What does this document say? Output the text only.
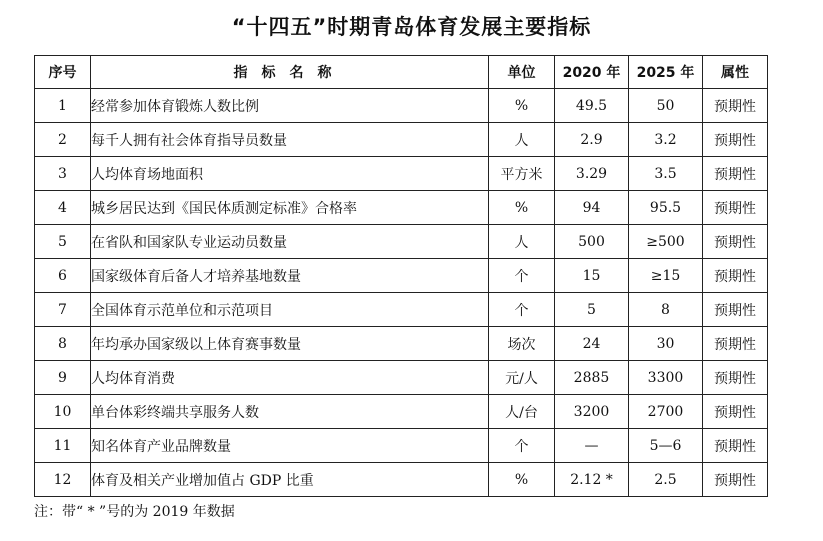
“十四五”时期青岛体育发展主要指标
序号	指标名称	单位	2020 年	2025 年	属性
1	经常参加体育锻炼人数比例	%	49.5	50	预期性
2	每千人拥有社会体育指导员数量	人	2.9	3.2	预期性
3	人均体育场地面积	平方米	3.29	3.5	预期性
4	城乡居民达到《国民体质测定标准》合格率	%	94	95.5	预期性
5	在省队和国家队专业运动员数量	人	500	≥500	预期性
6	国家级体育后备人才培养基地数量	个	15	≥15	预期性
7	全国体育示范单位和示范项目	个	5	8	预期性
8	年均承办国家级以上体育赛事数量	场次	24	30	预期性
9	人均体育消费	元/人	2885	3300	预期性
10	单台体彩终端共享服务人数	人/台	3200	2700	预期性
11	知名体育产业品牌数量	个	—	5—6	预期性
12	体育及相关产业增加值占 GDP 比重	%	2.12 *	2.5	预期性
注：带“ * ”号的为 2019 年数据
